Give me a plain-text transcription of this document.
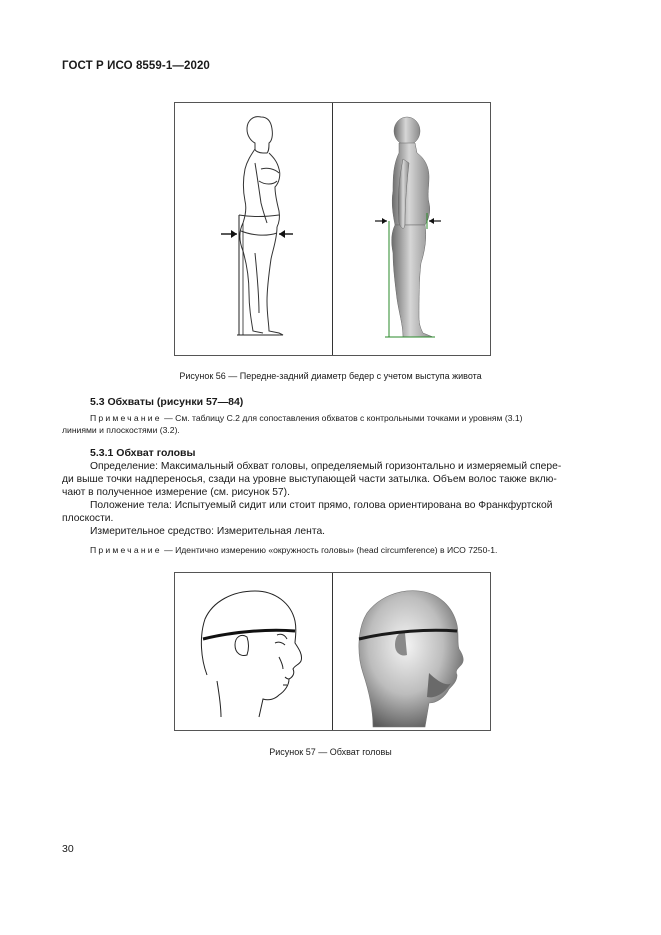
ГОСТ Р ИСО 8559-1—2020
Рисунок 56 — Передне-задний диаметр бедер с учетом выступа живота
5.3 Обхваты (рисунки 57—84)
Примечание — См. таблицу С.2 для сопоставления обхватов с контрольными точками и уровням (3.1)
линиями и плоскостями (3.2).
5.3.1 Обхват головы
Определение: Максимальный обхват головы, определяемый горизонтально и измеряемый спере-
ди выше точки надпереносья, сзади на уровне выступающей части затылка. Объем волос также вклю-
чают в полученное измерение (см. рисунок 57).
Положение тела: Испытуемый сидит или стоит прямо, голова ориентирована во Франкфуртской
плоскости.
Измерительное средство: Измерительная лента.
Примечание — Идентично измерению «окружность головы» (head circumference) в ИСО 7250-1.
Рисунок 57 — Обхват головы
30
